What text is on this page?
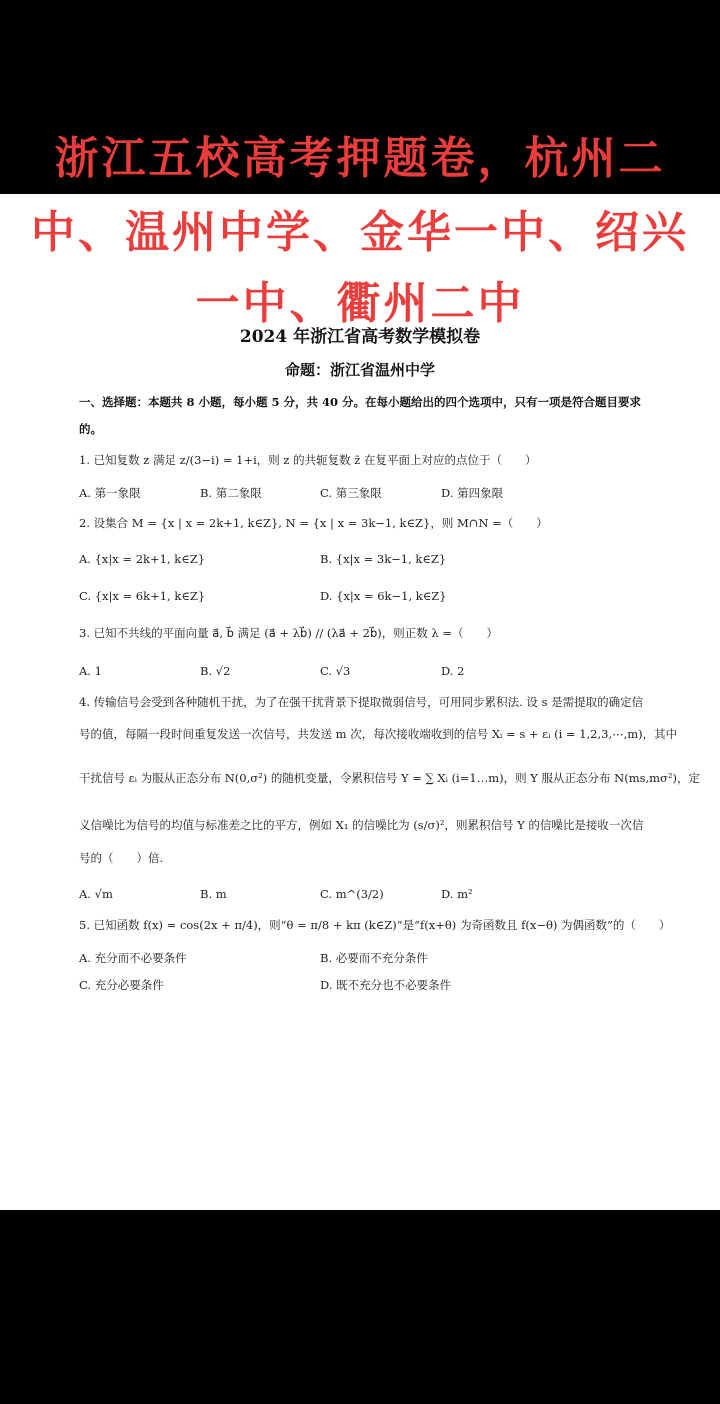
浙江五校高考押题卷，杭州二
中、温州中学、金华一中、绍兴
一中、衢州二中
2024 年浙江省高考数学模拟卷
命题：浙江省温州中学
一、选择题：本题共 8 小题，每小题 5 分，共 40 分。在每小题给出的四个选项中，只有一项是符合题目要求
的。
1. 已知复数 z 满足 z/(3−i) = 1+i，则 z 的共轭复数 z̄ 在复平面上对应的点位于（　　）
A. 第一象限	B. 第二象限	C. 第三象限	D. 第四象限
2. 设集合 M = {x | x = 2k+1, k∈Z}, N = {x | x = 3k−1, k∈Z}，则 M∩N =（　　）
A. {x|x = 2k+1, k∈Z}	B. {x|x = 3k−1, k∈Z}
C. {x|x = 6k+1, k∈Z}	D. {x|x = 6k−1, k∈Z}
3. 已知不共线的平面向量 a⃗, b⃗ 满足 (a⃗ + λb⃗) // (λa⃗ + 2b⃗)，则正数 λ =（　　）
A. 1	B. √2	C. √3	D. 2
4. 传输信号会受到各种随机干扰，为了在强干扰背景下提取微弱信号，可用同步累积法. 设 s 是需提取的确定信
号的值，每隔一段时间重复发送一次信号，共发送 m 次，每次接收端收到的信号 Xᵢ = s + εᵢ (i = 1,2,3,⋯,m)，其中
干扰信号 εᵢ 为服从正态分布 N(0,σ²) 的随机变量，令累积信号 Y = ∑ Xᵢ (i=1…m)，则 Y 服从正态分布 N(ms,mσ²)，定
义信噪比为信号的均值与标准差之比的平方，例如 X₁ 的信噪比为 (s/σ)²，则累积信号 Y 的信噪比是接收一次信
号的（　　）倍.
A. √m	B. m	C. m^(3/2)	D. m²
5. 已知函数 f(x) = cos(2x + π/4)，则“θ = π/8 + kπ (k∈Z)”是“f(x+θ) 为奇函数且 f(x−θ) 为偶函数”的（　　）
A. 充分而不必要条件	B. 必要而不充分条件
C. 充分必要条件	D. 既不充分也不必要条件
